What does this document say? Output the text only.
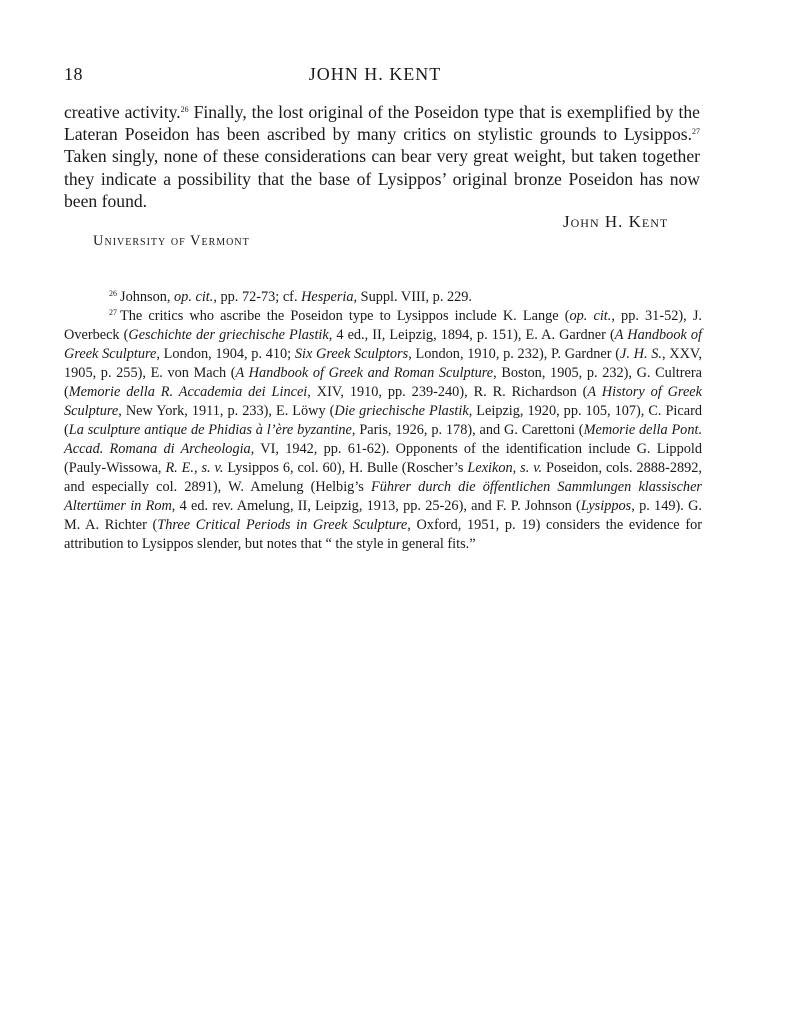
18	JOHN H. KENT

creative activity.$^{26}$ Finally, the lost original of the Poseidon type that is exemplified by the Lateran Poseidon has been ascribed by many critics on stylistic grounds to Lysippos.$^{27}$ Taken singly, none of these considerations can bear very great weight, but taken together they indicate a possibility that the base of Lysippos’ original bronze Poseidon has now been found.

John H. Kent
University of Vermont

$^{26}$ Johnson, op. cit., pp. 72-73; cf. Hesperia, Suppl. VIII, p. 229.

$^{27}$ The critics who ascribe the Poseidon type to Lysippos include K. Lange (op. cit., pp. 31-52), J. Overbeck (Geschichte der griechische Plastik, 4 ed., II, Leipzig, 1894, p. 151), E. A. Gardner (A Handbook of Greek Sculpture, London, 1904, p. 410; Six Greek Sculptors, London, 1910, p. 232), P. Gardner (J. H. S., XXV, 1905, p. 255), E. von Mach (A Handbook of Greek and Roman Sculpture, Boston, 1905, p. 232), G. Cultrera (Memorie della R. Accademia dei Lincei, XIV, 1910, pp. 239-240), R. R. Richardson (A History of Greek Sculpture, New York, 1911, p. 233), E. Löwy (Die griechische Plastik, Leipzig, 1920, pp. 105, 107), C. Picard (La sculpture antique de Phidias à l’ère byzantine, Paris, 1926, p. 178), and G. Carettoni (Memorie della Pont. Accad. Romana di Archeologia, VI, 1942, pp. 61-62). Opponents of the identification include G. Lippold (Pauly-Wissowa, R. E., s. v. Lysippos 6, col. 60), H. Bulle (Roscher’s Lexikon, s. v. Poseidon, cols. 2888-2892, and especially col. 2891), W. Amelung (Helbig’s Führer durch die öffentlichen Sammlungen klassischer Altertümer in Rom, 4 ed. rev. Amelung, II, Leipzig, 1913, pp. 25-26), and F. P. Johnson (Lysippos, p. 149). G. M. A. Richter (Three Critical Periods in Greek Sculpture, Oxford, 1951, p. 19) considers the evidence for attribution to Lysippos slender, but notes that “ the style in general fits.”
